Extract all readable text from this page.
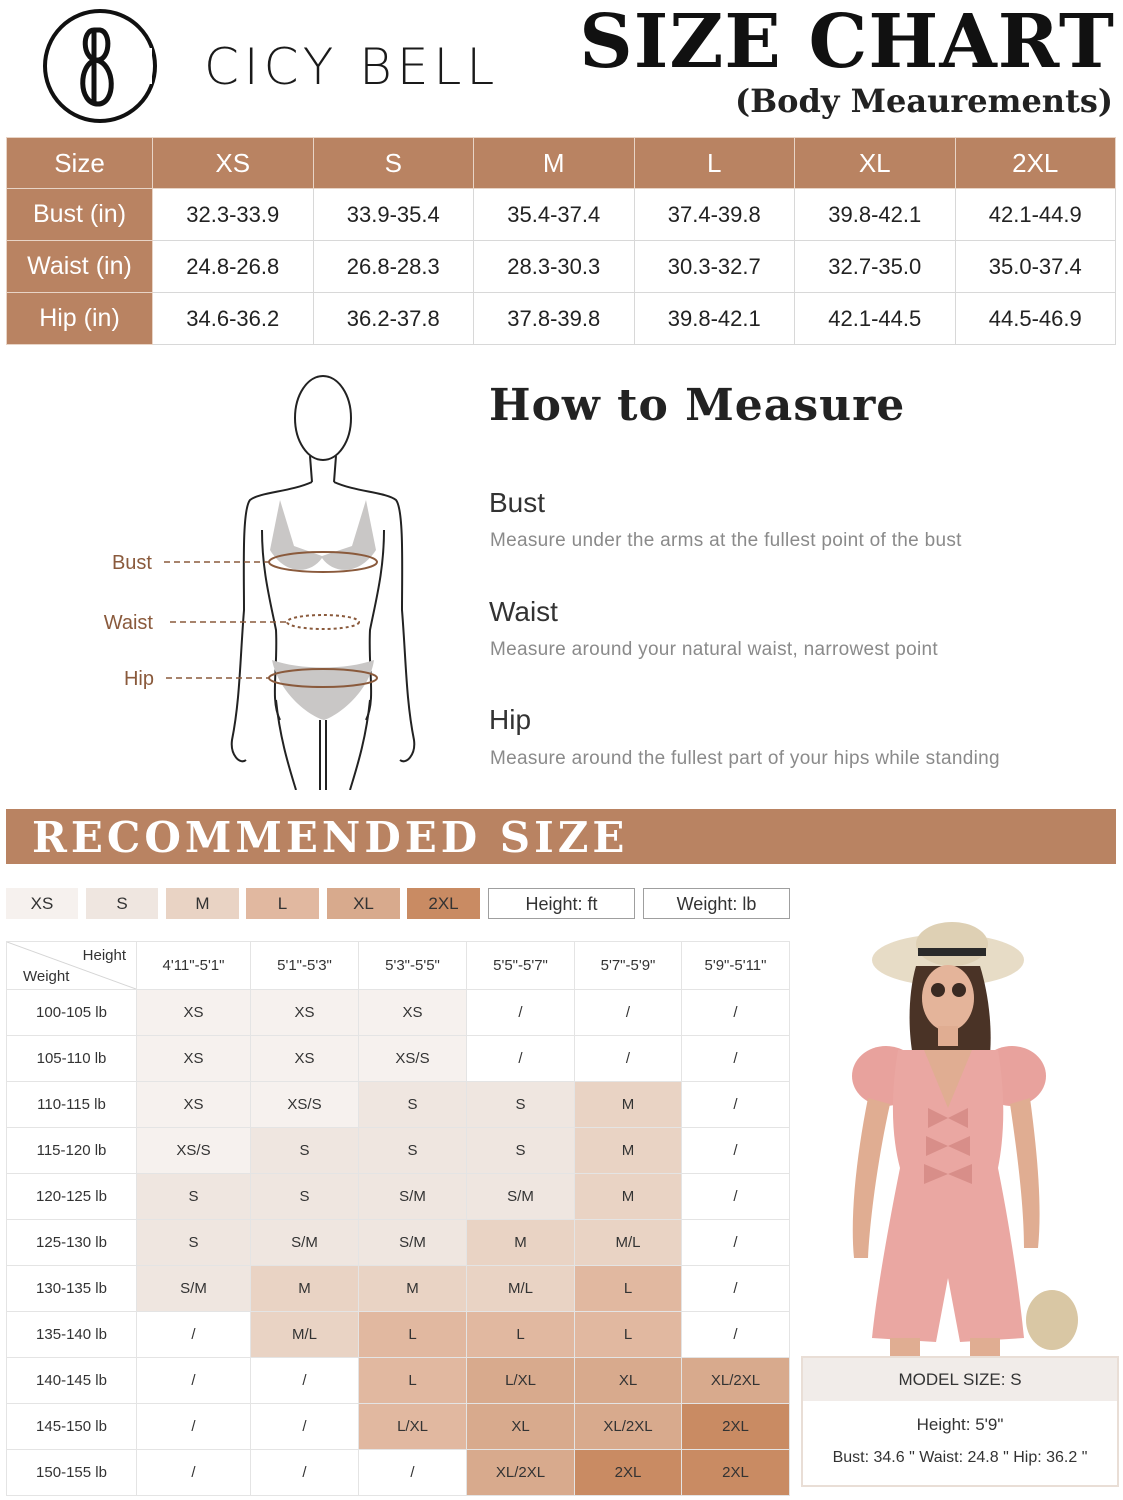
CICY BELL SIZE CHART
(Body Meaurements)
Size	XS	S	M	L	XL	2XL
Bust (in)	32.3-33.9	33.9-35.4	35.4-37.4	37.4-39.8	39.8-42.1	42.1-44.9
Waist (in)	24.8-26.8	26.8-28.3	28.3-30.3	30.3-32.7	32.7-35.0	35.0-37.4
Hip (in)	34.6-36.2	36.2-37.8	37.8-39.8	39.8-42.1	42.1-44.5	44.5-46.9
Bust
Waist
Hip
How to Measure
Bust
Measure under the arms at the fullest point of the bust
Waist
Measure around your natural waist, narrowest point
Hip
Measure around the fullest part of your hips while standing
RECOMMENDED SIZE
XS	S	M	L	XL	2XL	Height: ft	Weight: lb
Height
Weight	4'11"-5'1"	5'1"-5'3"	5'3"-5'5"	5'5"-5'7"	5'7"-5'9"	5'9"-5'11"
100-105 lb	XS	XS	XS	/	/	/
105-110 lb	XS	XS	XS/S	/	/	/
110-115 lb	XS	XS/S	S	S	M	/
115-120 lb	XS/S	S	S	S	M	/
120-125 lb	S	S	S/M	S/M	M	/
125-130 lb	S	S/M	S/M	M	M/L	/
130-135 lb	S/M	M	M	M/L	L	/
135-140 lb	/	M/L	L	L	L	/
140-145 lb	/	/	L	L/XL	XL	XL/2XL
145-150 lb	/	/	L/XL	XL	XL/2XL	2XL
150-155 lb	/	/	/	XL/2XL	2XL	2XL
MODEL SIZE: S
Height: 5'9"
Bust: 34.6 " Waist: 24.8 " Hip: 36.2 "
